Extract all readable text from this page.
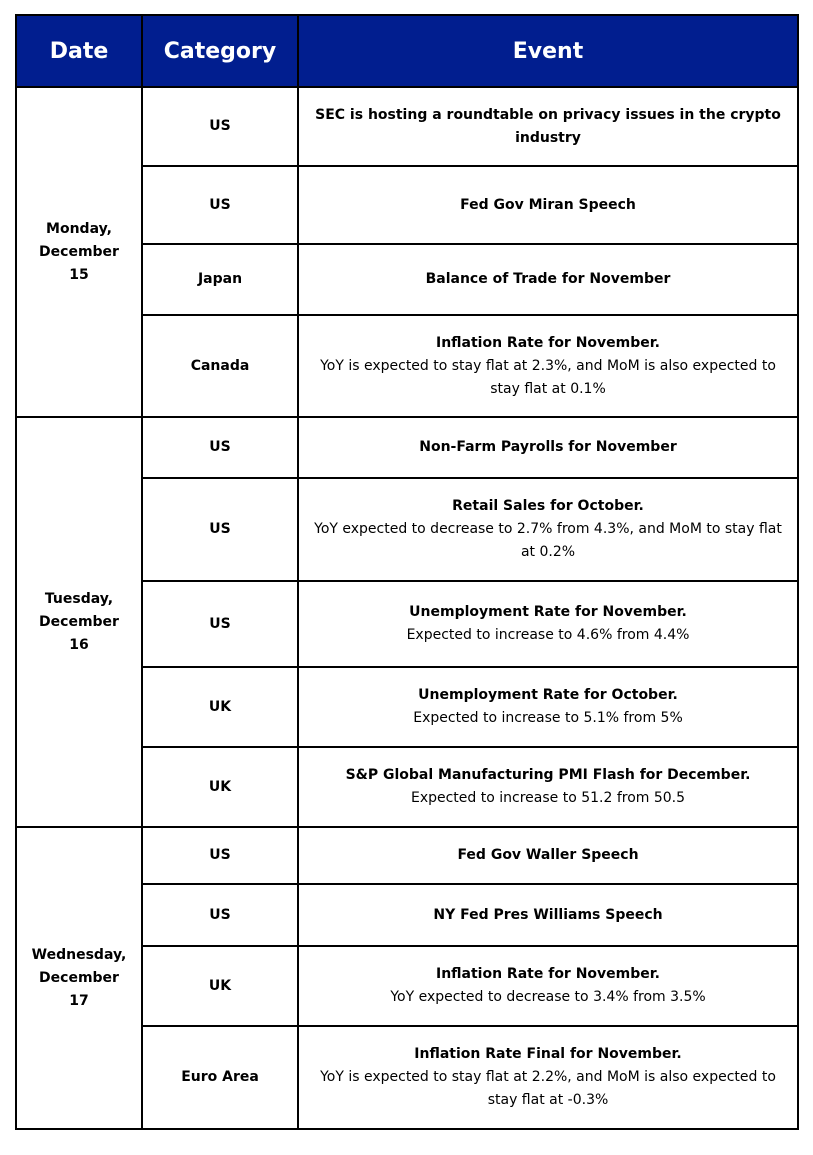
Date	Category	Event

Monday,
December
15	US	SEC is hosting a roundtable on privacy issues in the crypto industry

	US	Fed Gov Miran Speech

	Japan	Balance of Trade for November

	Canada	Inflation Rate for November.
YoY is expected to stay flat at 2.3%, and MoM is also expected to stay flat at 0.1%

Tuesday,
December
16	US	Non-Farm Payrolls for November

	US	Retail Sales for October.
YoY expected to decrease to 2.7% from 4.3%, and MoM to stay flat at 0.2%

	US	Unemployment Rate for November.
Expected to increase to 4.6% from 4.4%

	UK	Unemployment Rate for October.
Expected to increase to 5.1% from 5%

	UK	S&P Global Manufacturing PMI Flash for December.
Expected to increase to 51.2 from 50.5

Wednesday,
December
17	US	Fed Gov Waller Speech

	US	NY Fed Pres Williams Speech

	UK	Inflation Rate for November.
YoY expected to decrease to 3.4% from 3.5%

	Euro Area	Inflation Rate Final for November.
YoY is expected to stay flat at 2.2%, and MoM is also expected to stay flat at -0.3%
